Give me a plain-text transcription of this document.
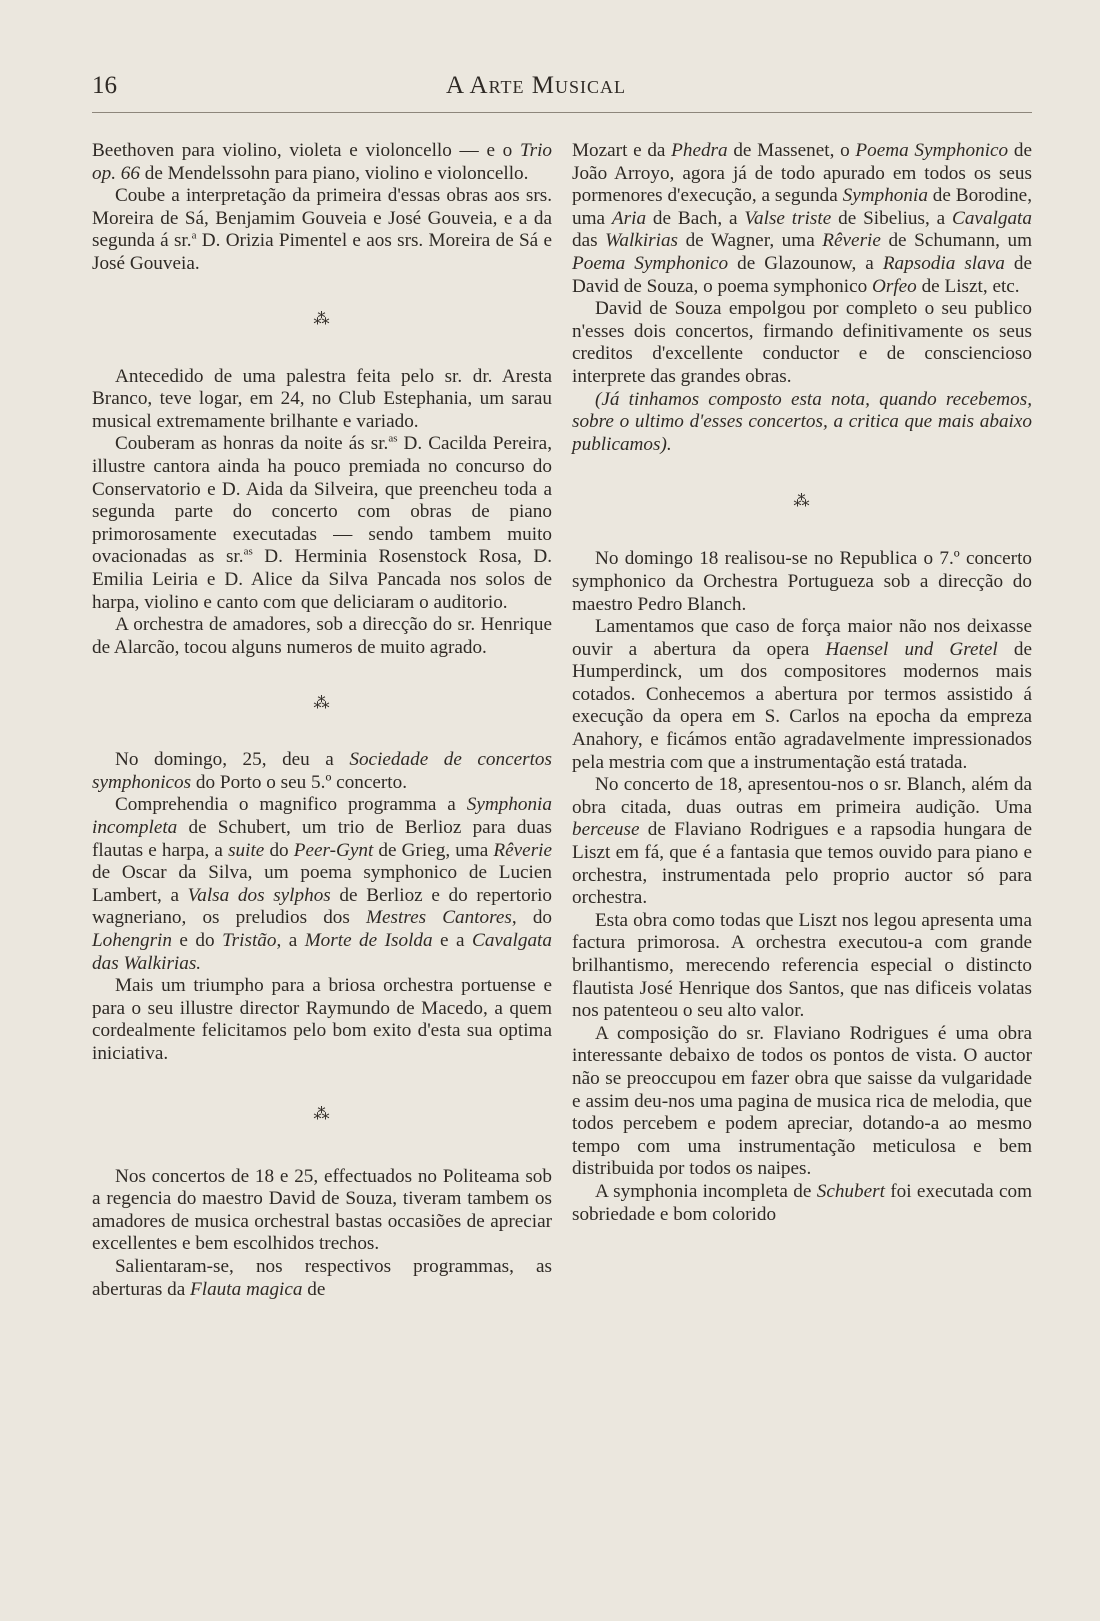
16	A Arte Musical

Beethoven para violino, violeta e violoncello — e o Trio op. 66 de Mendelssohn para piano, violino e violoncello.

Coube a interpretação da primeira d'essas obras aos srs. Moreira de Sá, Benjamim Gouveia e José Gouveia, e a da segunda á sr.$^a$ D. Orizia Pimentel e aos srs. Moreira de Sá e José Gouveia.

⁂

Antecedido de uma palestra feita pelo sr. dr. Aresta Branco, teve logar, em 24, no Club Estephania, um sarau musical extremamente brilhante e variado.

Couberam as honras da noite ás sr.$^{as}$ D. Cacilda Pereira, illustre cantora ainda ha pouco premiada no concurso do Conservatorio e D. Aida da Silveira, que preencheu toda a segunda parte do concerto com obras de piano primorosamente executadas — sendo tambem muito ovacionadas as sr.$^{as}$ D. Herminia Rosenstock Rosa, D. Emilia Leiria e D. Alice da Silva Pancada nos solos de harpa, violino e canto com que deliciaram o auditorio.

A orchestra de amadores, sob a direcção do sr. Henrique de Alarcão, tocou alguns numeros de muito agrado.

⁂

No domingo, 25, deu a Sociedade de concertos symphonicos do Porto o seu 5.º concerto.

Comprehendia o magnifico programma a Symphonia incompleta de Schubert, um trio de Berlioz para duas flautas e harpa, a suite do Peer-Gynt de Grieg, uma Rêverie de Oscar da Silva, um poema symphonico de Lucien Lambert, a Valsa dos sylphos de Berlioz e do repertorio wagneriano, os preludios dos Mestres Cantores, do Lohengrin e do Tristão, a Morte de Isolda e a Cavalgata das Walkirias.

Mais um triumpho para a briosa orchestra portuense e para o seu illustre director Raymundo de Macedo, a quem cordealmente felicitamos pelo bom exito d'esta sua optima iniciativa.

⁂

Nos concertos de 18 e 25, effectuados no Politeama sob a regencia do maestro David de Souza, tiveram tambem os amadores de musica orchestral bastas occasiões de apreciar excellentes e bem escolhidos trechos.

Salientaram-se, nos respectivos programmas, as aberturas da Flauta magica de

Mozart e da Phedra de Massenet, o Poema Symphonico de João Arroyo, agora já de todo apurado em todos os seus pormenores d'execução, a segunda Symphonia de Borodine, uma Aria de Bach, a Valse triste de Sibelius, a Cavalgata das Walkirias de Wagner, uma Rêverie de Schumann, um Poema Symphonico de Glazounow, a Rapsodia slava de David de Souza, o poema symphonico Orfeo de Liszt, etc.

David de Souza empolgou por completo o seu publico n'esses dois concertos, firmando definitivamente os seus creditos d'excellente conductor e de consciencioso interprete das grandes obras.

(Já tinhamos composto esta nota, quando recebemos, sobre o ultimo d'esses concertos, a critica que mais abaixo publicamos).

⁂

No domingo 18 realisou-se no Republica o 7.º concerto symphonico da Orchestra Portugueza sob a direcção do maestro Pedro Blanch.

Lamentamos que caso de força maior não nos deixasse ouvir a abertura da opera Haensel und Gretel de Humperdinck, um dos compositores modernos mais cotados. Conhecemos a abertura por termos assistido á execução da opera em S. Carlos na epocha da empreza Anahory, e ficámos então agradavelmente impressionados pela mestria com que a instrumentação está tratada.

No concerto de 18, apresentou-nos o sr. Blanch, além da obra citada, duas outras em primeira audição. Uma berceuse de Flaviano Rodrigues e a rapsodia hungara de Liszt em fá, que é a fantasia que temos ouvido para piano e orchestra, instrumentada pelo proprio auctor só para orchestra.

Esta obra como todas que Liszt nos legou apresenta uma factura primorosa. A orchestra executou-a com grande brilhantismo, merecendo referencia especial o distincto flautista José Henrique dos Santos, que nas dificeis volatas nos patenteou o seu alto valor.

A composição do sr. Flaviano Rodrigues é uma obra interessante debaixo de todos os pontos de vista. O auctor não se preoccupou em fazer obra que saisse da vulgaridade e assim deu-nos uma pagina de musica rica de melodia, que todos percebem e podem apreciar, dotando-a ao mesmo tempo com uma instrumentação meticulosa e bem distribuida por todos os naipes.

A symphonia incompleta de Schubert foi executada com sobriedade e bom colorido
